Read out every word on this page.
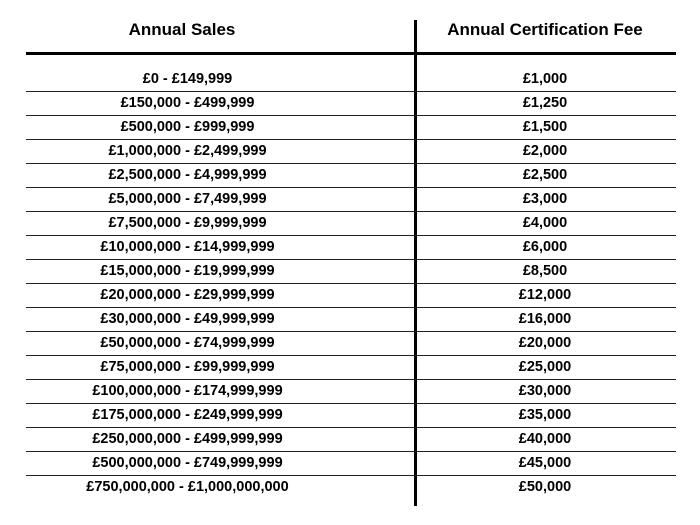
Annual Sales	Annual Certification Fee
£0 - £149,999	£1,000
£150,000 - £499,999	£1,250
£500,000 - £999,999	£1,500
£1,000,000 - £2,499,999	£2,000
£2,500,000 - £4,999,999	£2,500
£5,000,000 - £7,499,999	£3,000
£7,500,000 - £9,999,999	£4,000
£10,000,000 - £14,999,999	£6,000
£15,000,000 - £19,999,999	£8,500
£20,000,000 - £29,999,999	£12,000
£30,000,000 - £49,999,999	£16,000
£50,000,000 - £74,999,999	£20,000
£75,000,000 - £99,999,999	£25,000
£100,000,000 - £174,999,999	£30,000
£175,000,000 - £249,999,999	£35,000
£250,000,000 - £499,999,999	£40,000
£500,000,000 - £749,999,999	£45,000
£750,000,000 - £1,000,000,000	£50,000
